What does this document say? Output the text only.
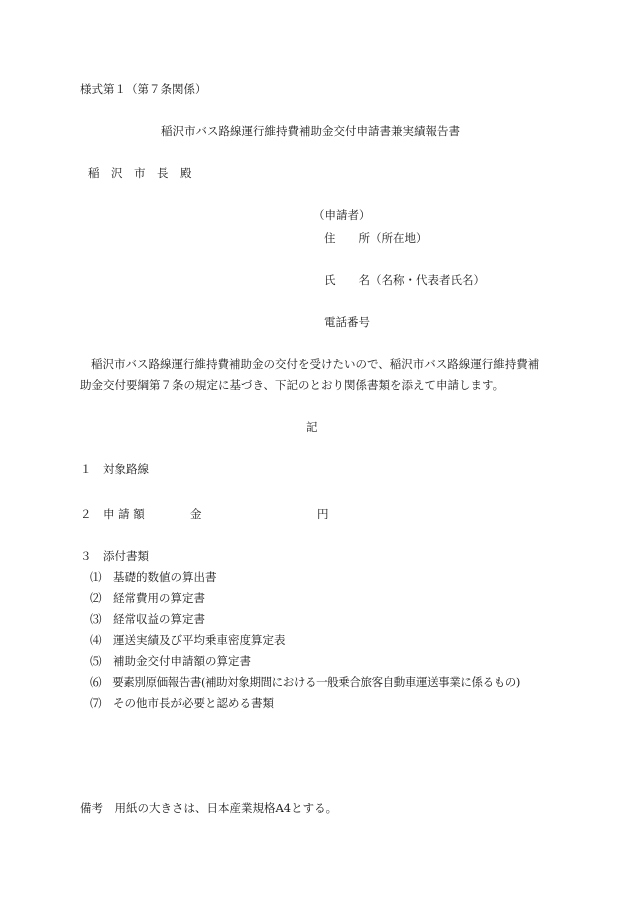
様式第１（第７条関係）

稲沢市バス路線運行維持費補助金交付申請書兼実績報告書

稲　沢　市　長　殿

（申請者）

住　　所（所在地）

氏　　名（名称・代表者氏名）

電話番号

稲沢市バス路線運行維持費補助金の交付を受けたいので、稲沢市バス路線運行維持費補

助金交付要綱第７条の規定に基づき、下記のとおり関係書類を添えて申請します。

記

１　対象路線

２　申 請 額	金	円

３　添付書類

⑴　基礎的数値の算出書

⑵　経常費用の算定書

⑶　経常収益の算定書

⑷　運送実績及び平均乗車密度算定表

⑸　補助金交付申請額の算定書

⑹　要素別原価報告書(補助対象期間における一般乗合旅客自動車運送事業に係るもの)

⑺　その他市長が必要と認める書類

備考　用紙の大きさは、日本産業規格A4とする。
